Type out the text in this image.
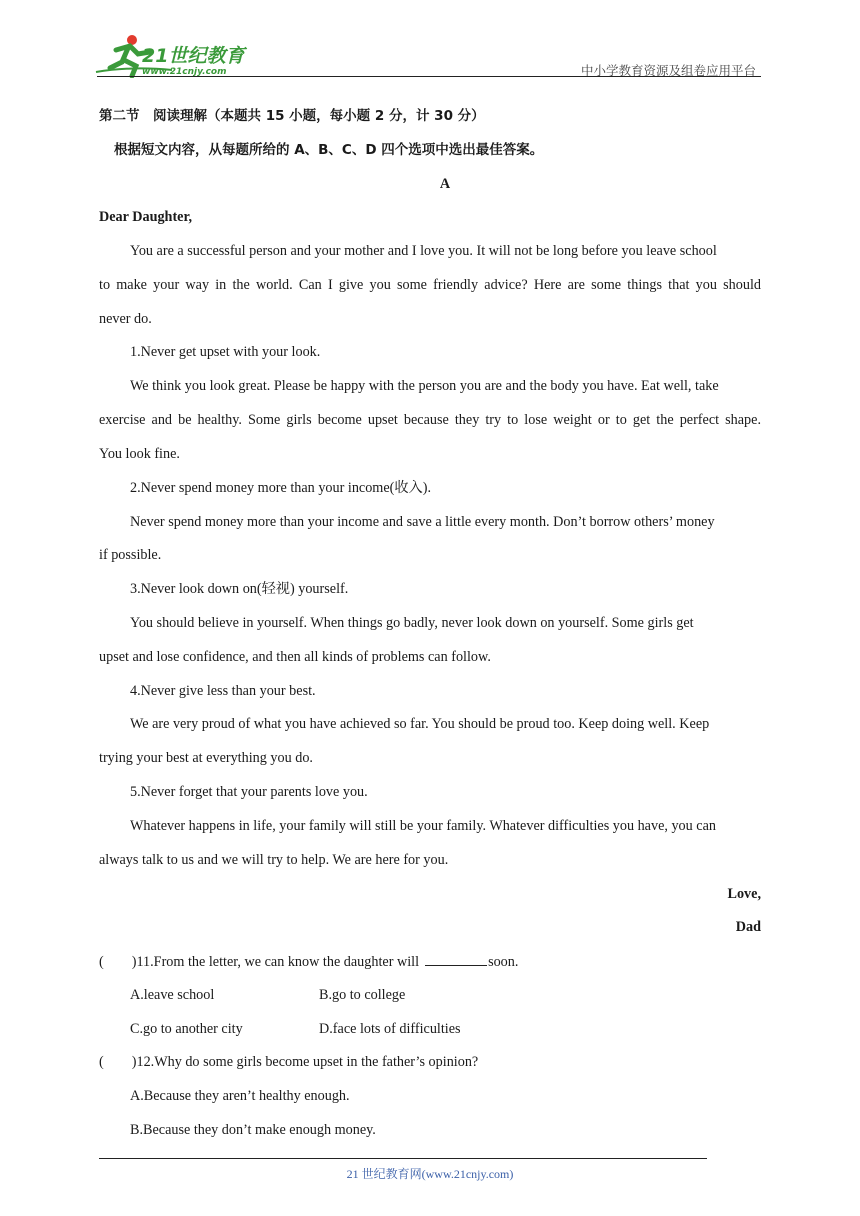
21世纪教育
www.21cnjy.com	中小学教育资源及组卷应用平台
第二节　阅读理解（本题共 15 小题，每小题 2 分，计 30 分）
根据短文内容，从每题所给的 A、B、C、D 四个选项中选出最佳答案。
A
Dear Daughter,
You are a successful person and your mother and I love you. It will not be long before you leave school
to make your way in the world. Can I give you some friendly advice? Here are some things that you should
never do.
1.Never get upset with your look.
We think you look great. Please be happy with the person you are and the body you have. Eat well, take
exercise and be healthy. Some girls become upset because they try to lose weight or to get the perfect shape.
You look fine.
2.Never spend money more than your income(收入).
Never spend money more than your income and save a little every month. Don’t borrow others’ money
if possible.
3.Never look down on(轻视) yourself.
You should believe in yourself. When things go badly, never look down on yourself. Some girls get
upset and lose confidence, and then all kinds of problems can follow.
4.Never give less than your best.
We are very proud of what you have achieved so far. You should be proud too. Keep doing well. Keep
trying your best at everything you do.
5.Never forget that your parents love you.
Whatever happens in life, your family will still be your family. Whatever difficulties you have, you can
always talk to us and we will try to help. We are here for you.
Love,
Dad
( )11.From the letter, we can know the daughter will	soon.
A.leave school	B.go to college
C.go to another city	D.face lots of difficulties
( )12.Why do some girls become upset in the father’s opinion?
A.Because they aren’t healthy enough.
B.Because they don’t make enough money.
21 世纪教育网(www.21cnjy.com)
